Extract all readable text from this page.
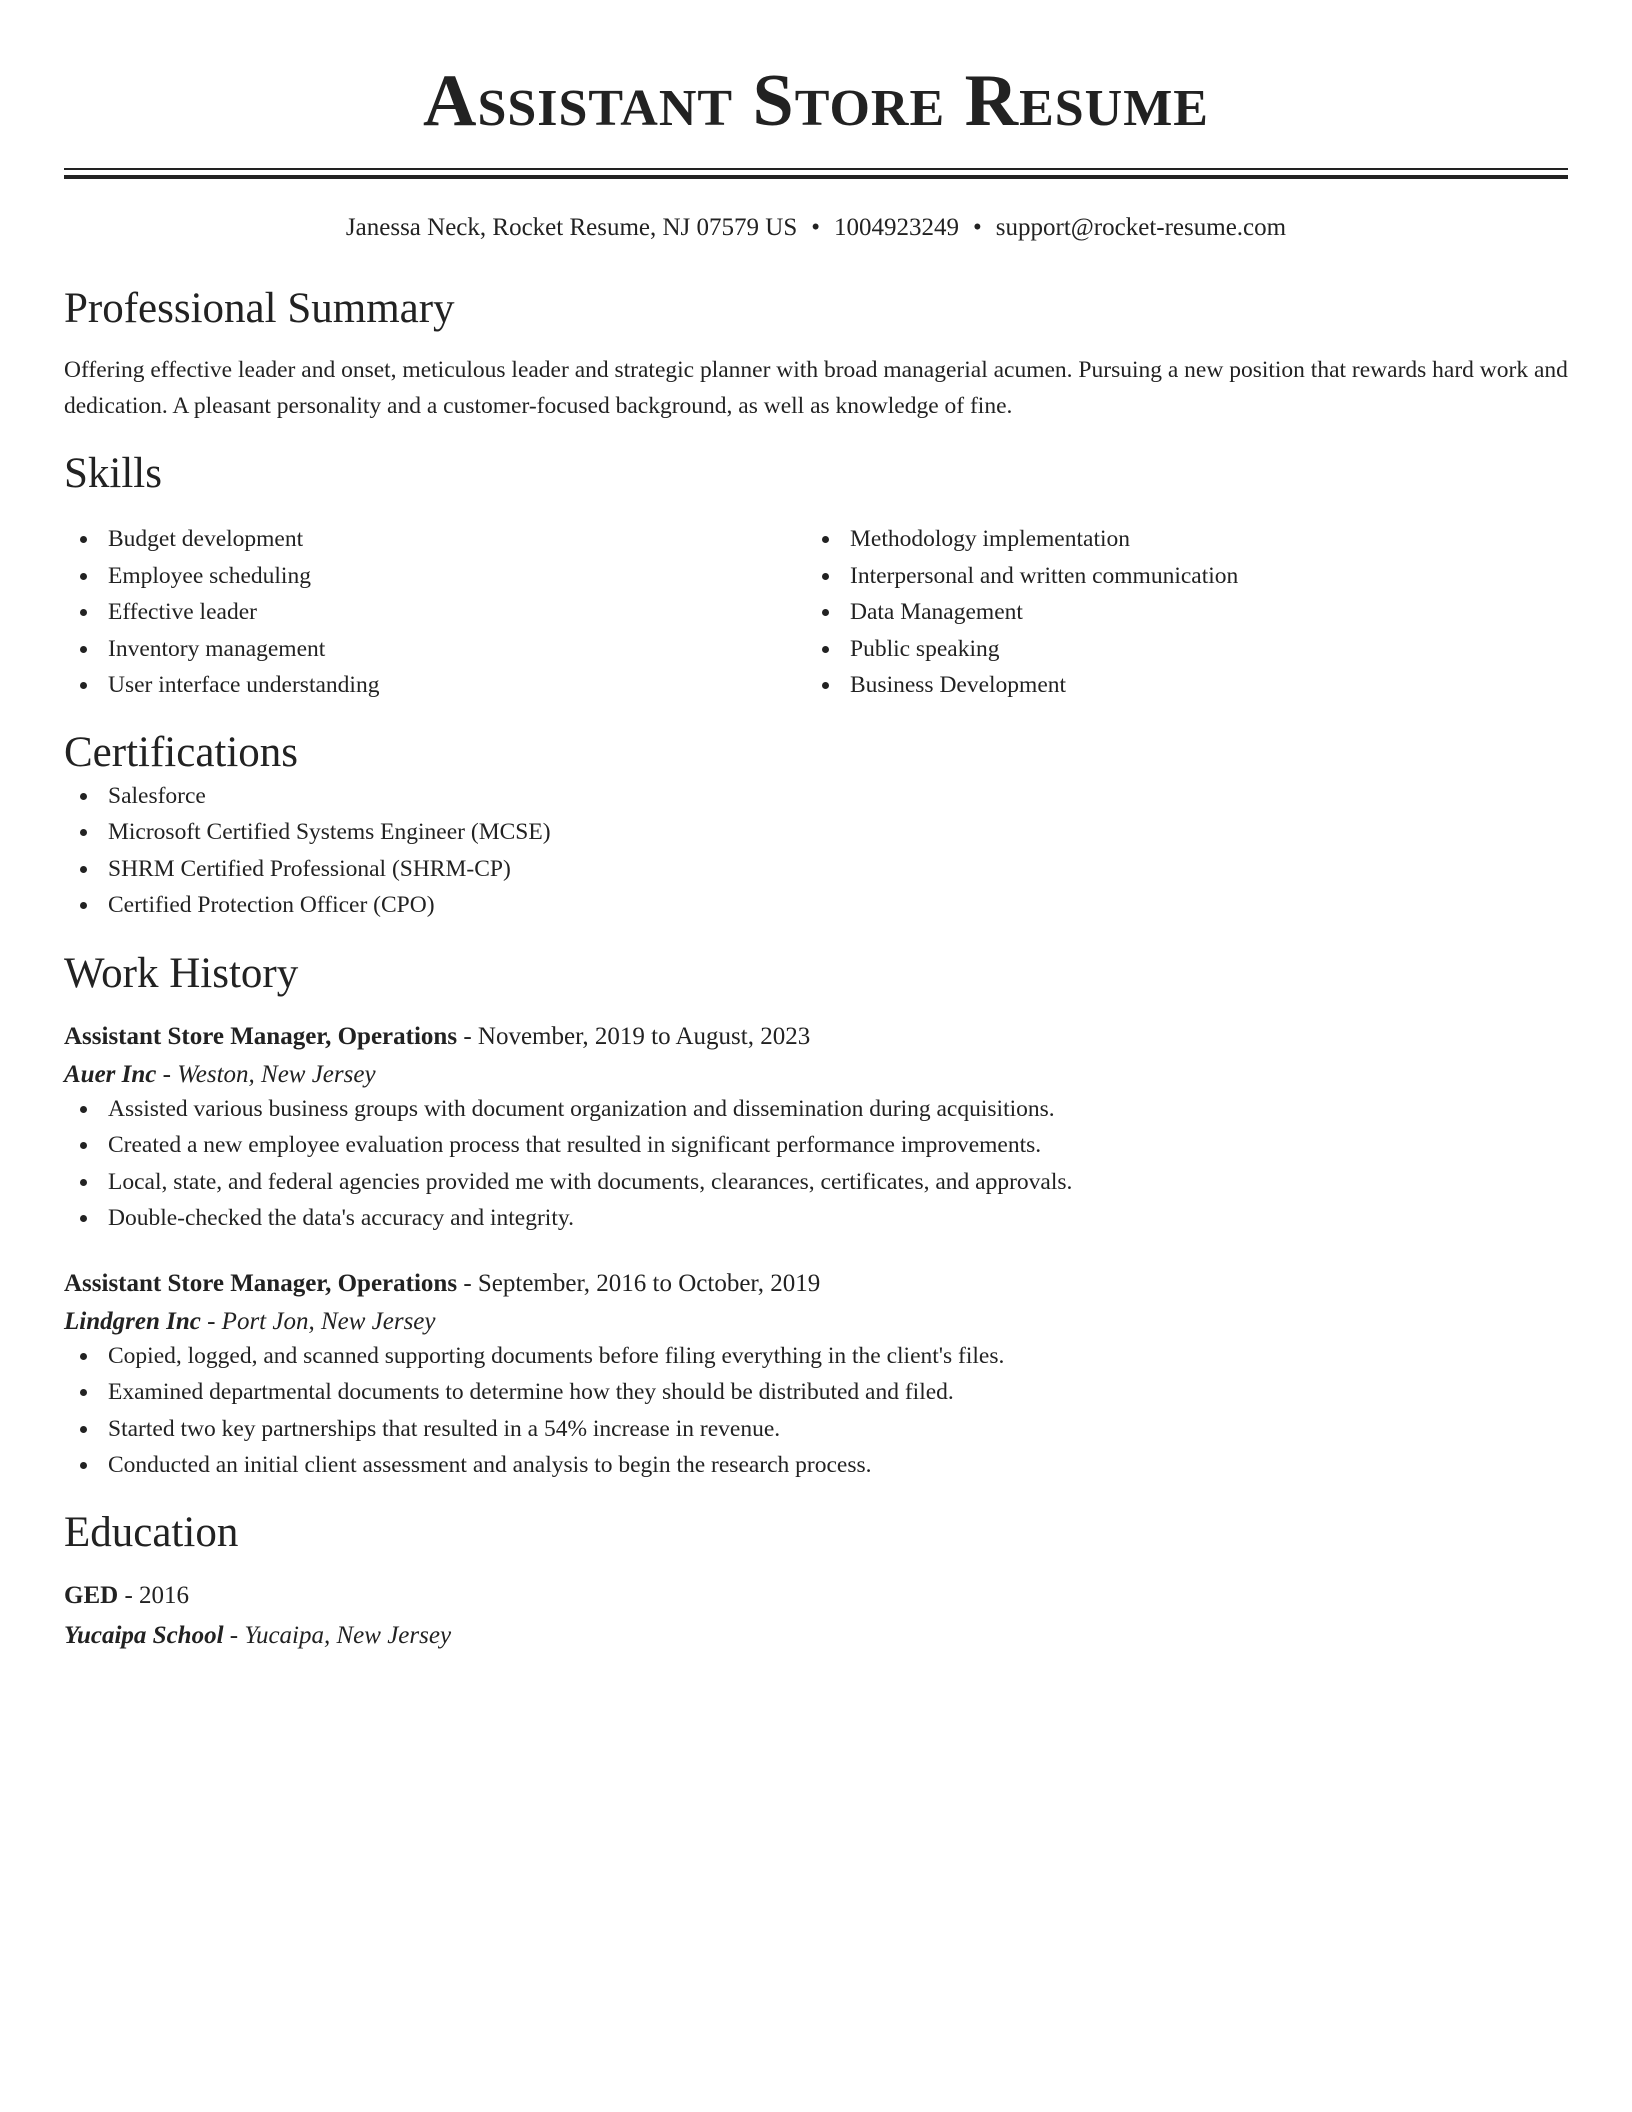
Assistant Store Resume
Janessa Neck, Rocket Resume, NJ 07579 US • 1004923249 • support@rocket-resume.com
Professional Summary
Offering effective leader and onset, meticulous leader and strategic planner with broad managerial acumen. Pursuing a new position that rewards hard work and dedication. A pleasant personality and a customer-focused background, as well as knowledge of fine.
Skills
Budget development
Employee scheduling
Effective leader
Inventory management
User interface understanding
Methodology implementation
Interpersonal and written communication
Data Management
Public speaking
Business Development
Certifications
Salesforce
Microsoft Certified Systems Engineer (MCSE)
SHRM Certified Professional (SHRM-CP)
Certified Protection Officer (CPO)
Work History
Assistant Store Manager, Operations - November, 2019 to August, 2023
Auer Inc - Weston, New Jersey
Assisted various business groups with document organization and dissemination during acquisitions.
Created a new employee evaluation process that resulted in significant performance improvements.
Local, state, and federal agencies provided me with documents, clearances, certificates, and approvals.
Double-checked the data's accuracy and integrity.
Assistant Store Manager, Operations - September, 2016 to October, 2019
Lindgren Inc - Port Jon, New Jersey
Copied, logged, and scanned supporting documents before filing everything in the client's files.
Examined departmental documents to determine how they should be distributed and filed.
Started two key partnerships that resulted in a 54% increase in revenue.
Conducted an initial client assessment and analysis to begin the research process.
Education
GED - 2016
Yucaipa School - Yucaipa, New Jersey
